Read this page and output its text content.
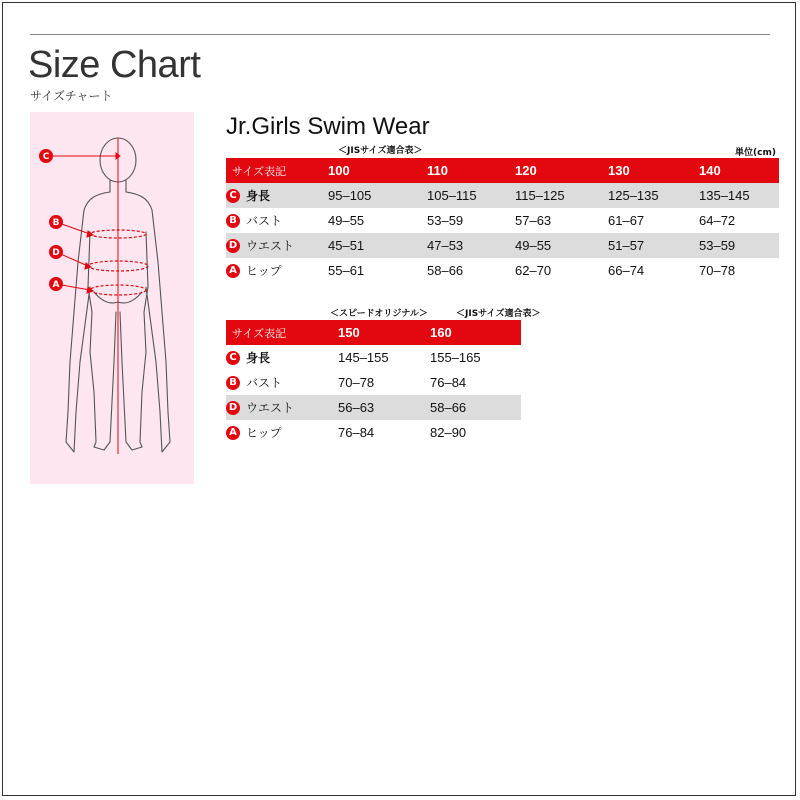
Size Chart
サイズチャート
C
B
D
A
Jr.Girls Swim Wear
＜JISサイズ適合表＞	単位(cm)
サイズ表記	100	110	120	130	140

C 身長	95–105	105–115	115–125	125–135	135–145

B バスト	49–55	53–59	57–63	61–67	64–72

D ウエスト	45–51	47–53	49–55	51–57	53–59

A ヒップ	55–61	58–66	62–70	66–74	70–78
＜スピードオリジナル＞	＜JISサイズ適合表＞
サイズ表記	150	160

C 身長	145–155	155–165

B バスト	70–78	76–84

D ウエスト	56–63	58–66

A ヒップ	76–84	82–90
